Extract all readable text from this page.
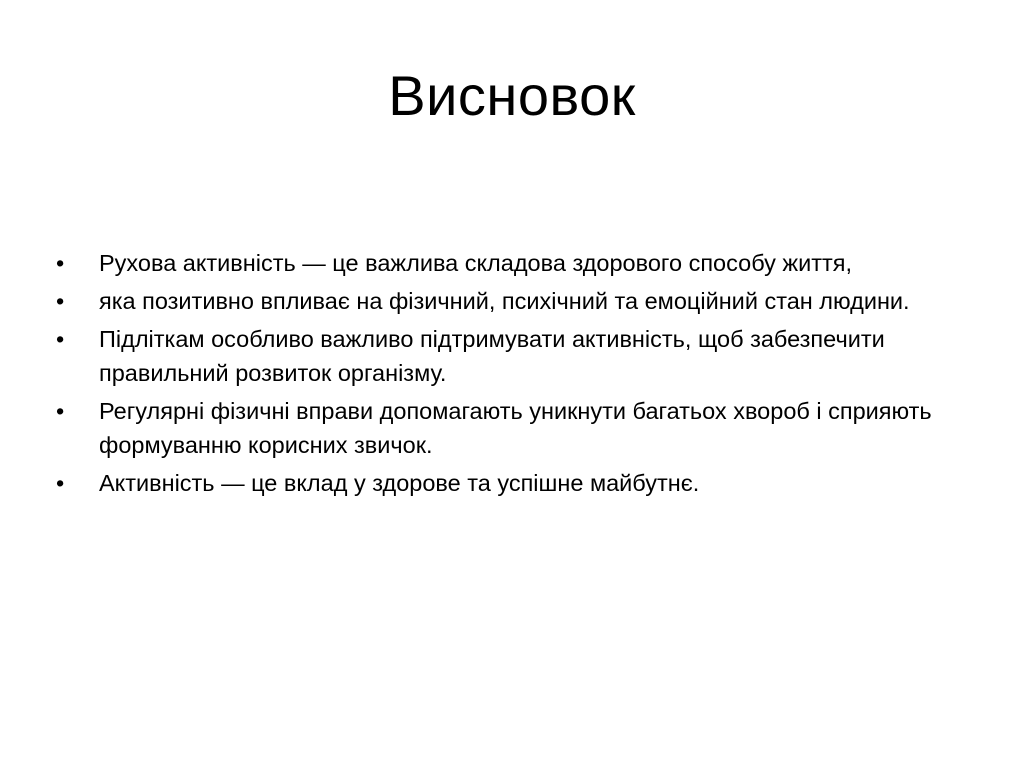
Висновок
•	Рухова активність — це важлива складова здорового способу життя,
•	яка позитивно впливає на фізичний, психічний та емоційний стан людини.
•	Підліткам особливо важливо підтримувати активність, щоб забезпечити правильний розвиток організму.
•	Регулярні фізичні вправи допомагають уникнути багатьох хвороб і сприяють формуванню корисних звичок.
•	Активність — це вклад у здорове та успішне майбутнє.
